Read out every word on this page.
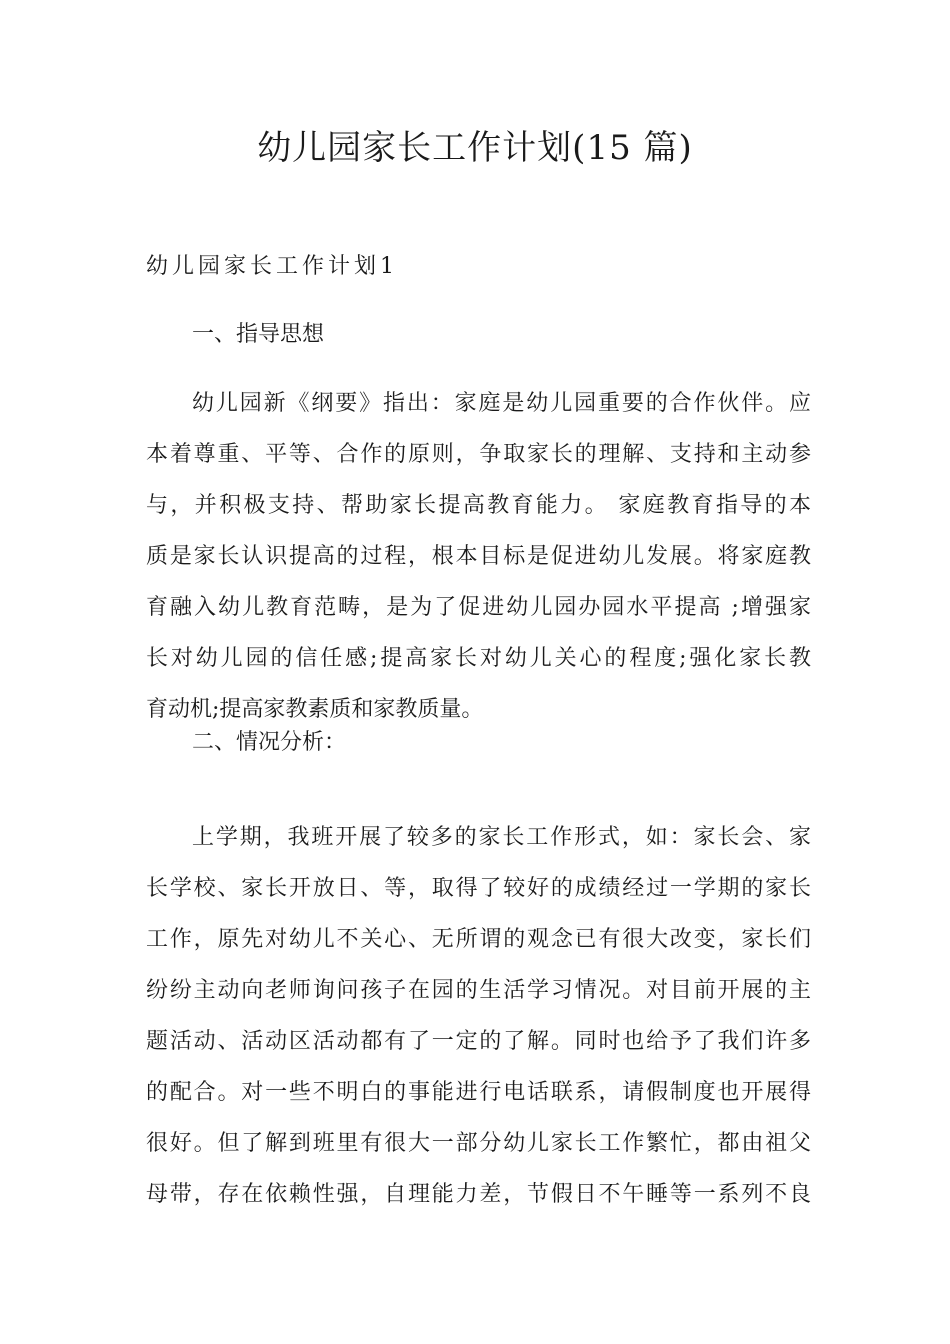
幼儿园家长工作计划(15 篇)
幼儿园家长工作计划1
一、指导思想
幼儿园新《纲要》指出：家庭是幼儿园重要的合作伙伴。应
本着尊重、平等、合作的原则，争取家长的理解、支持和主动参
与，并积极支持、帮助家长提高教育能力。 家庭教育指导的本
质是家长认识提高的过程，根本目标是促进幼儿发展。将家庭教
育融入幼儿教育范畴，是为了促进幼儿园办园水平提高 ;增强家
长对幼儿园的信任感;提高家长对幼儿关心的程度;强化家长教
育动机;提高家教素质和家教质量。
二、情况分析：
上学期，我班开展了较多的家长工作形式，如：家长会、家
长学校、家长开放日、等，取得了较好的成绩经过一学期的家长
工作，原先对幼儿不关心、无所谓的观念已有很大改变，家长们
纷纷主动向老师询问孩子在园的生活学习情况。对目前开展的主
题活动、活动区活动都有了一定的了解。同时也给予了我们许多
的配合。对一些不明白的事能进行电话联系，请假制度也开展得
很好。但了解到班里有很大一部分幼儿家长工作繁忙，都由祖父
母带，存在依赖性强，自理能力差，节假日不午睡等一系列不良
